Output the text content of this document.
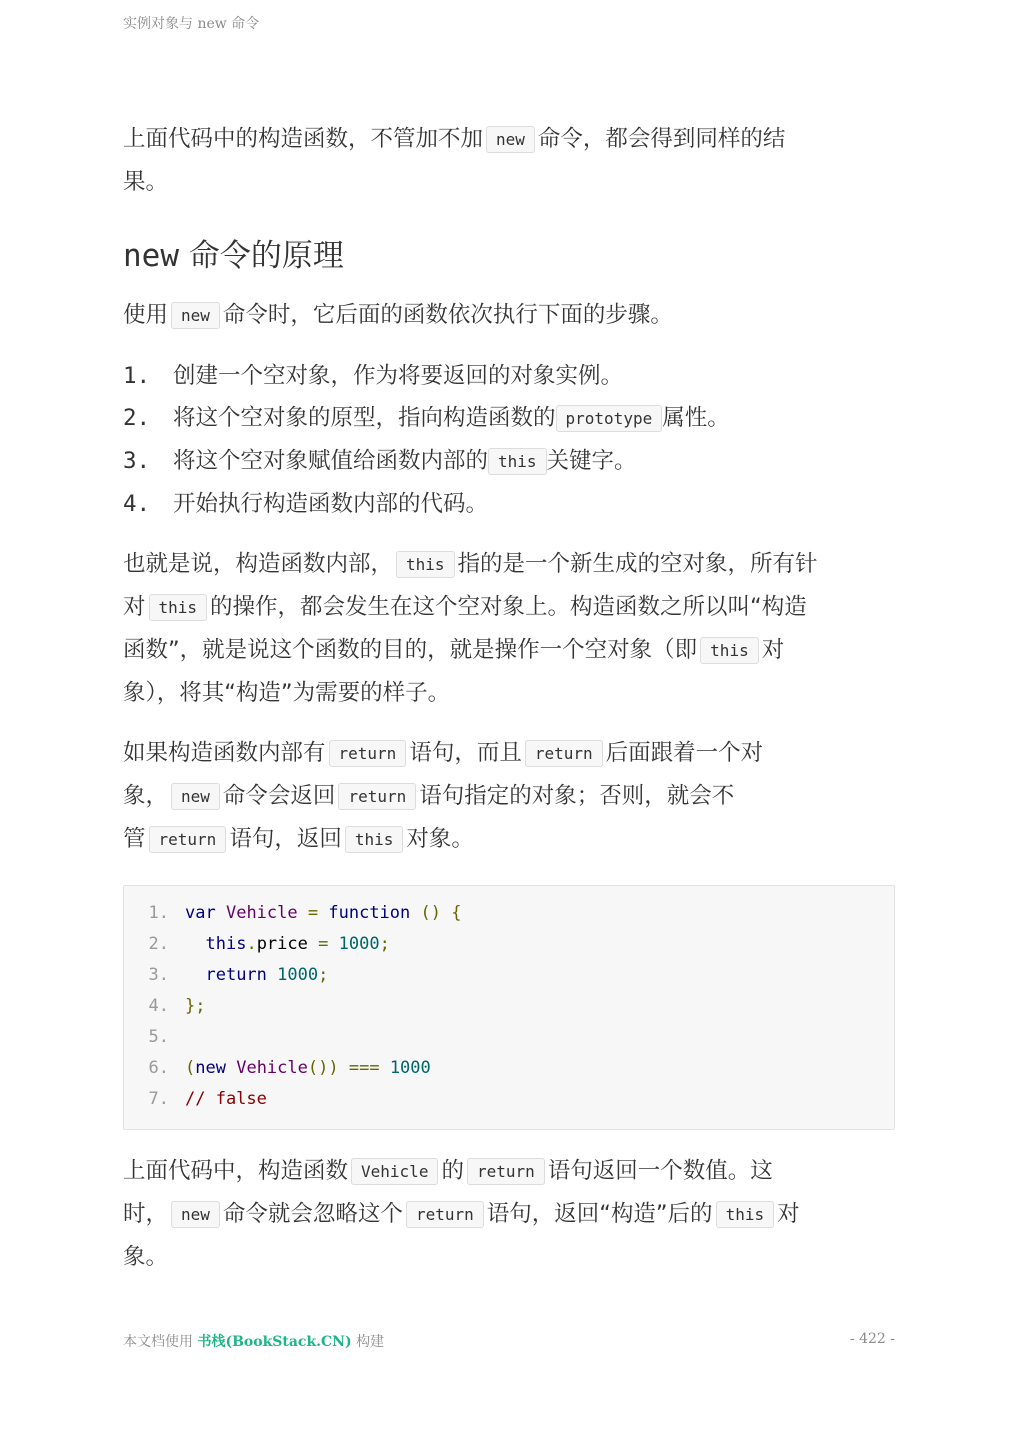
实例对象与 new 命令

上面代码中的构造函数，不管加不加 new 命令，都会得到同样的结
果。

new 命令的原理

使用 new 命令时，它后面的函数依次执行下面的步骤。

1.	创建一个空对象，作为将要返回的对象实例。
2.	将这个空对象的原型，指向构造函数的 prototype 属性。
3.	将这个空对象赋值给函数内部的 this 关键字。
4.	开始执行构造函数内部的代码。

也就是说，构造函数内部， this 指的是一个新生成的空对象，所有针
对 this 的操作，都会发生在这个空对象上。构造函数之所以叫“构造
函数”，就是说这个函数的目的，就是操作一个空对象（即 this 对
象），将其“构造”为需要的样子。

如果构造函数内部有 return 语句，而且 return 后面跟着一个对
象， new 命令会返回 return 语句指定的对象；否则，就会不
管 return 语句，返回 this 对象。

1. var Vehicle = function () {
2.	this.price = 1000;
3.	return 1000;
4. };
5.
6. (new Vehicle()) === 1000
7. // false

上面代码中，构造函数 Vehicle 的 return 语句返回一个数值。这
时， new 命令就会忽略这个 return 语句，返回“构造”后的 this 对
象。

本文档使用 书栈(BookStack.CN) 构建	- 422 -
